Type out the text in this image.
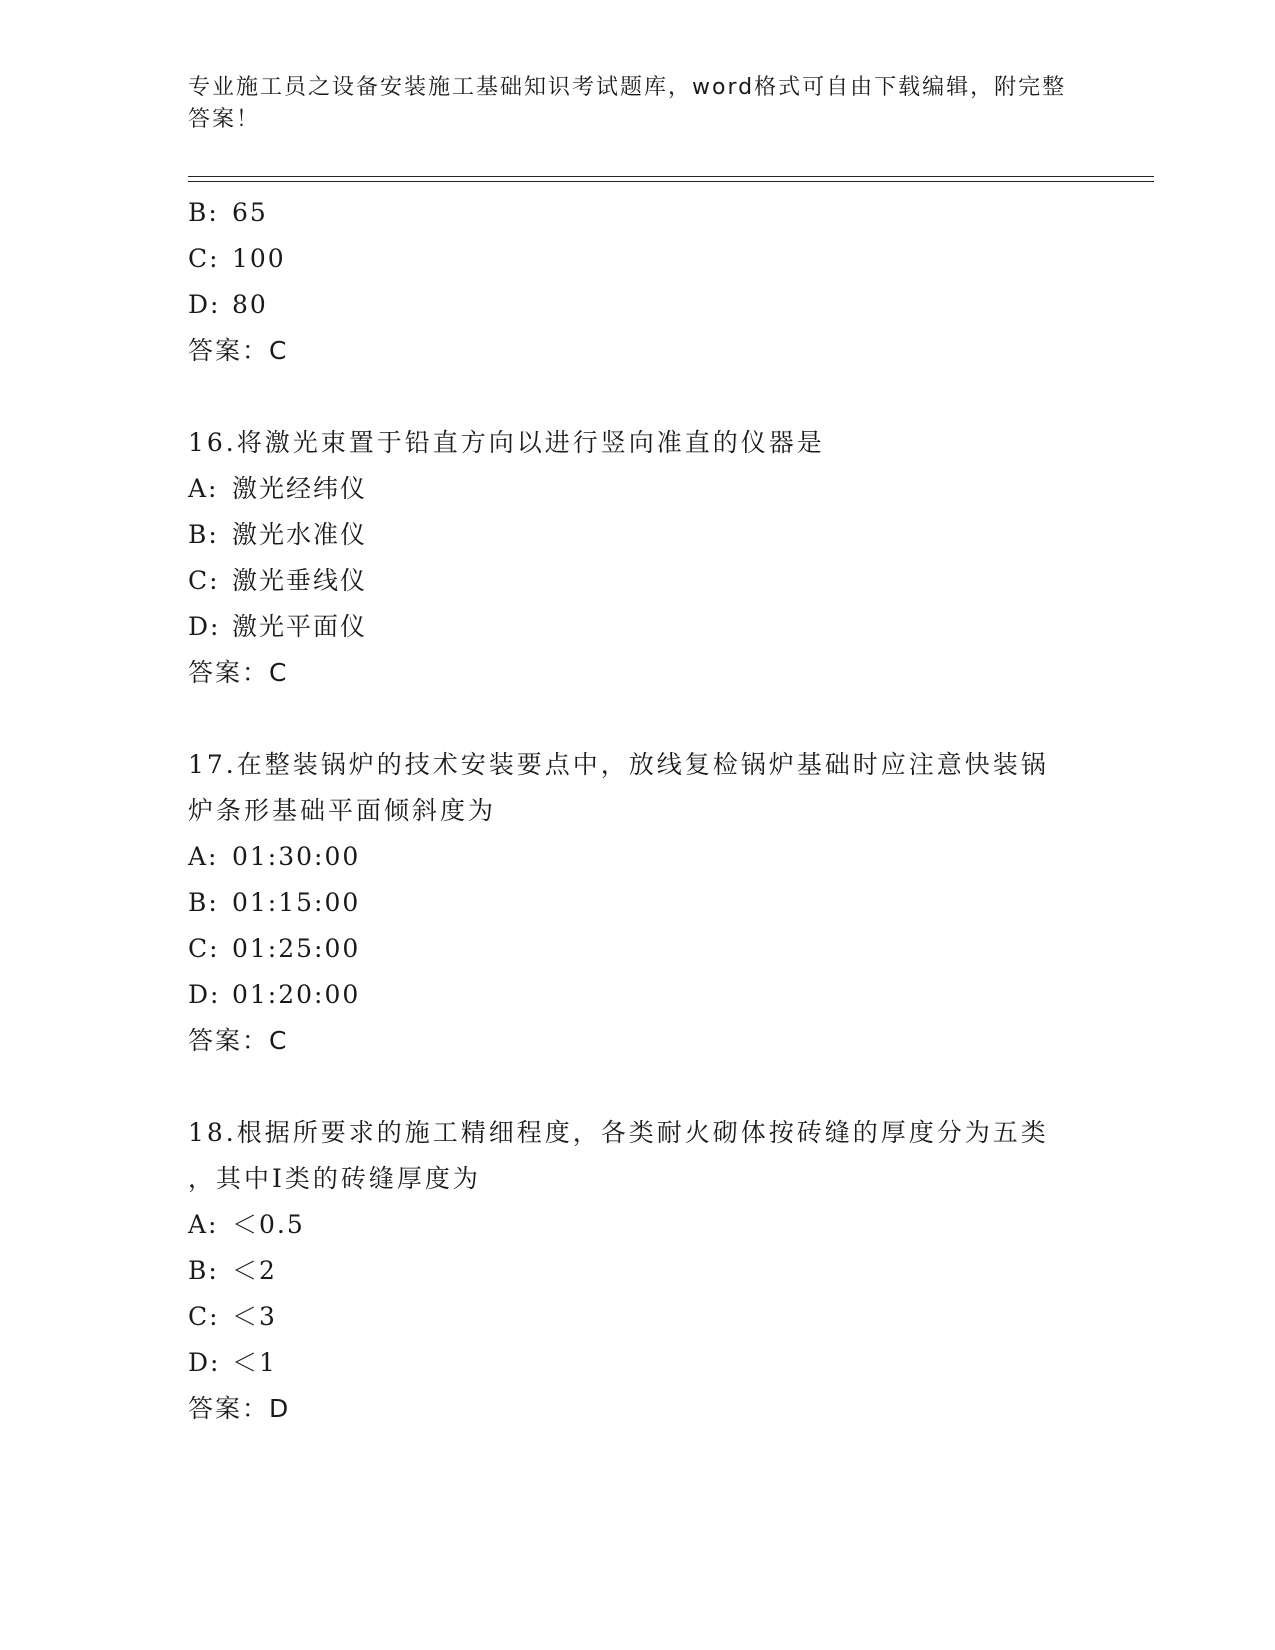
专业施工员之设备安装施工基础知识考试题库，word格式可自由下载编辑，附完整答案！
B: 65
C: 100
D: 80
答案：C
16.将激光束置于铅直方向以进行竖向准直的仪器是
A: 激光经纬仪
B: 激光水准仪
C: 激光垂线仪
D: 激光平面仪
答案：C
17.在整装锅炉的技术安装要点中，放线复检锅炉基础时应注意快装锅
炉条形基础平面倾斜度为
A: 01:30:00
B: 01:15:00
C: 01:25:00
D: 01:20:00
答案：C
18.根据所要求的施工精细程度，各类耐火砌体按砖缝的厚度分为五类
，其中Ⅰ类的砖缝厚度为
A: ＜0.5
B: ＜2
C: ＜3
D: ＜1
答案：D
